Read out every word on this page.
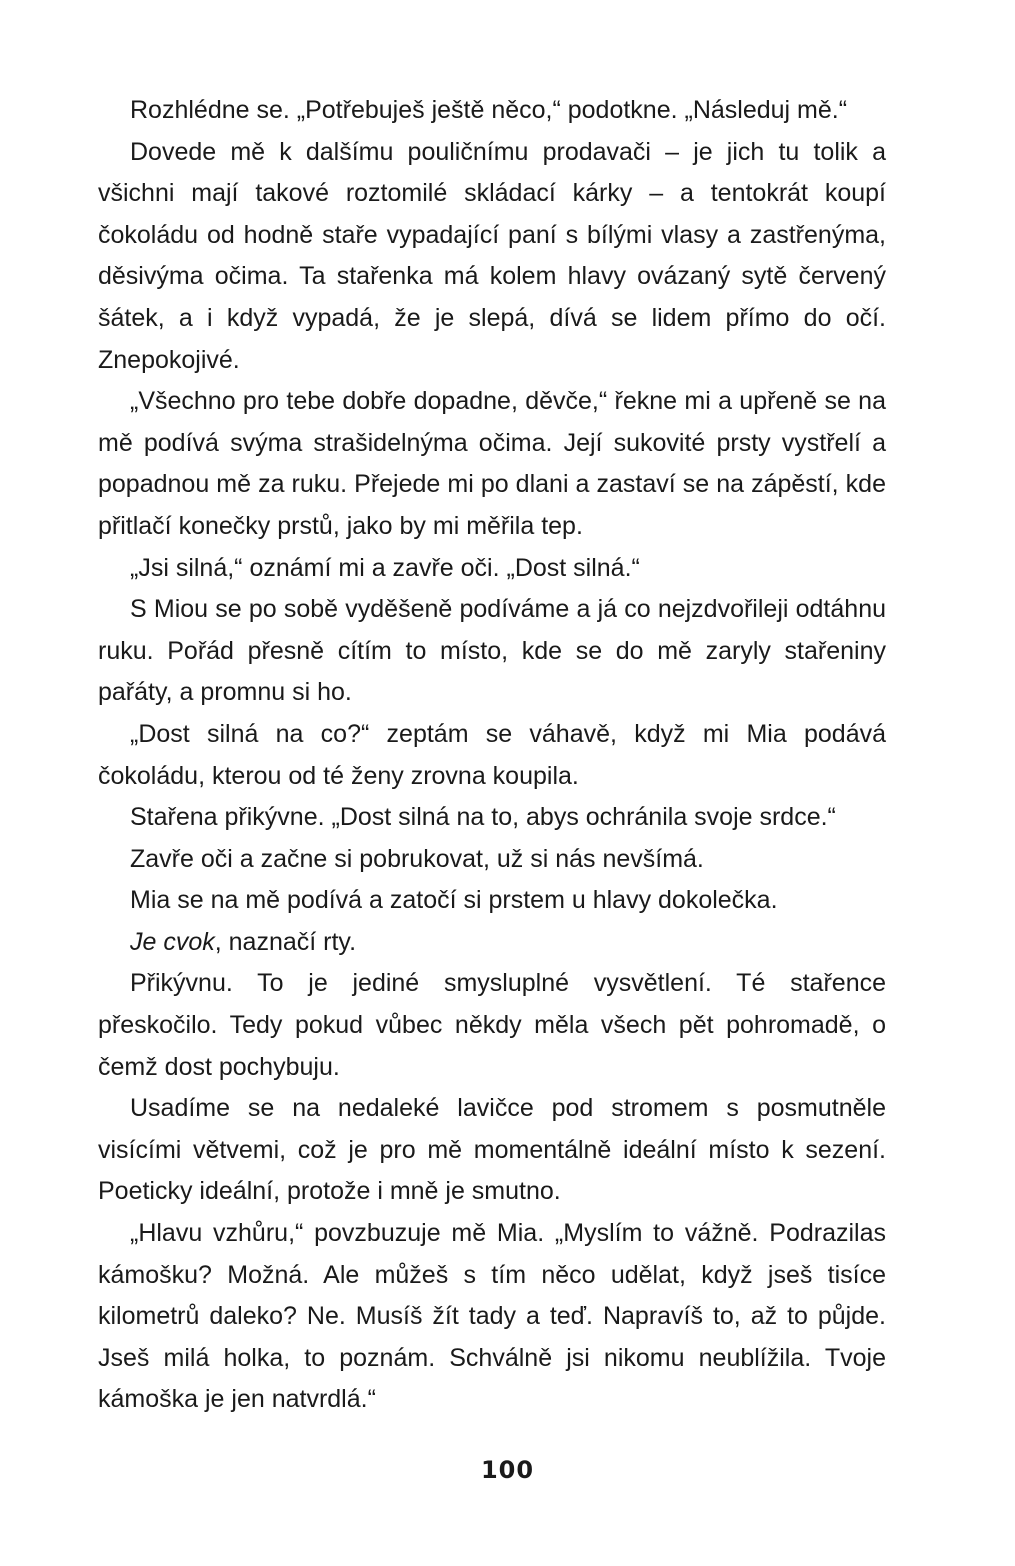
Rozhlédne se. „Potřebuješ ještě něco,“ podotkne. „Následuj mě.“

Dovede mě k dalšímu pouličnímu prodavači – je jich tu tolik a všichni mají takové roztomilé skládací kárky – a tentokrát koupí čokoládu od hodně staře vypadající paní s bílými vlasy a zastřenýma, děsivýma očima. Ta stařenka má kolem hlavy ovázaný sytě červený šátek, a i když vypadá, že je slepá, dívá se lidem přímo do očí. Znepokojivé.

„Všechno pro tebe dobře dopadne, děvče,“ řekne mi a upřeně se na mě podívá svýma strašidelnýma očima. Její sukovité prsty vystřelí a popadnou mě za ruku. Přejede mi po dlani a zastaví se na zápěstí, kde přitlačí konečky prstů, jako by mi měřila tep.

„Jsi silná,“ oznámí mi a zavře oči. „Dost silná.“

S Miou se po sobě vyděšeně podíváme a já co nejzdvořileji odtáhnu ruku. Pořád přesně cítím to místo, kde se do mě zaryly stařeniny pařáty, a promnu si ho.

„Dost silná na co?“ zeptám se váhavě, když mi Mia podává čokoládu, kterou od té ženy zrovna koupila.

Stařena přikývne. „Dost silná na to, abys ochránila svoje srdce.“

Zavře oči a začne si pobrukovat, už si nás nevšímá.

Mia se na mě podívá a zatočí si prstem u hlavy dokolečka.

Je cvok, naznačí rty.

Přikývnu. To je jediné smysluplné vysvětlení. Té stařence přeskočilo. Tedy pokud vůbec někdy měla všech pět pohromadě, o čemž dost pochybuju.

Usadíme se na nedaleké lavičce pod stromem s posmutněle visícími větvemi, což je pro mě momentálně ideální místo k sezení. Poeticky ideální, protože i mně je smutno.

„Hlavu vzhůru,“ povzbuzuje mě Mia. „Myslím to vážně. Podrazilas kámošku? Možná. Ale můžeš s tím něco udělat, když jseš tisíce kilometrů daleko? Ne. Musíš žít tady a teď. Napravíš to, až to půjde. Jseš milá holka, to poznám. Schválně jsi nikomu neublížila. Tvoje kámoška je jen natvrdlá.“

100
